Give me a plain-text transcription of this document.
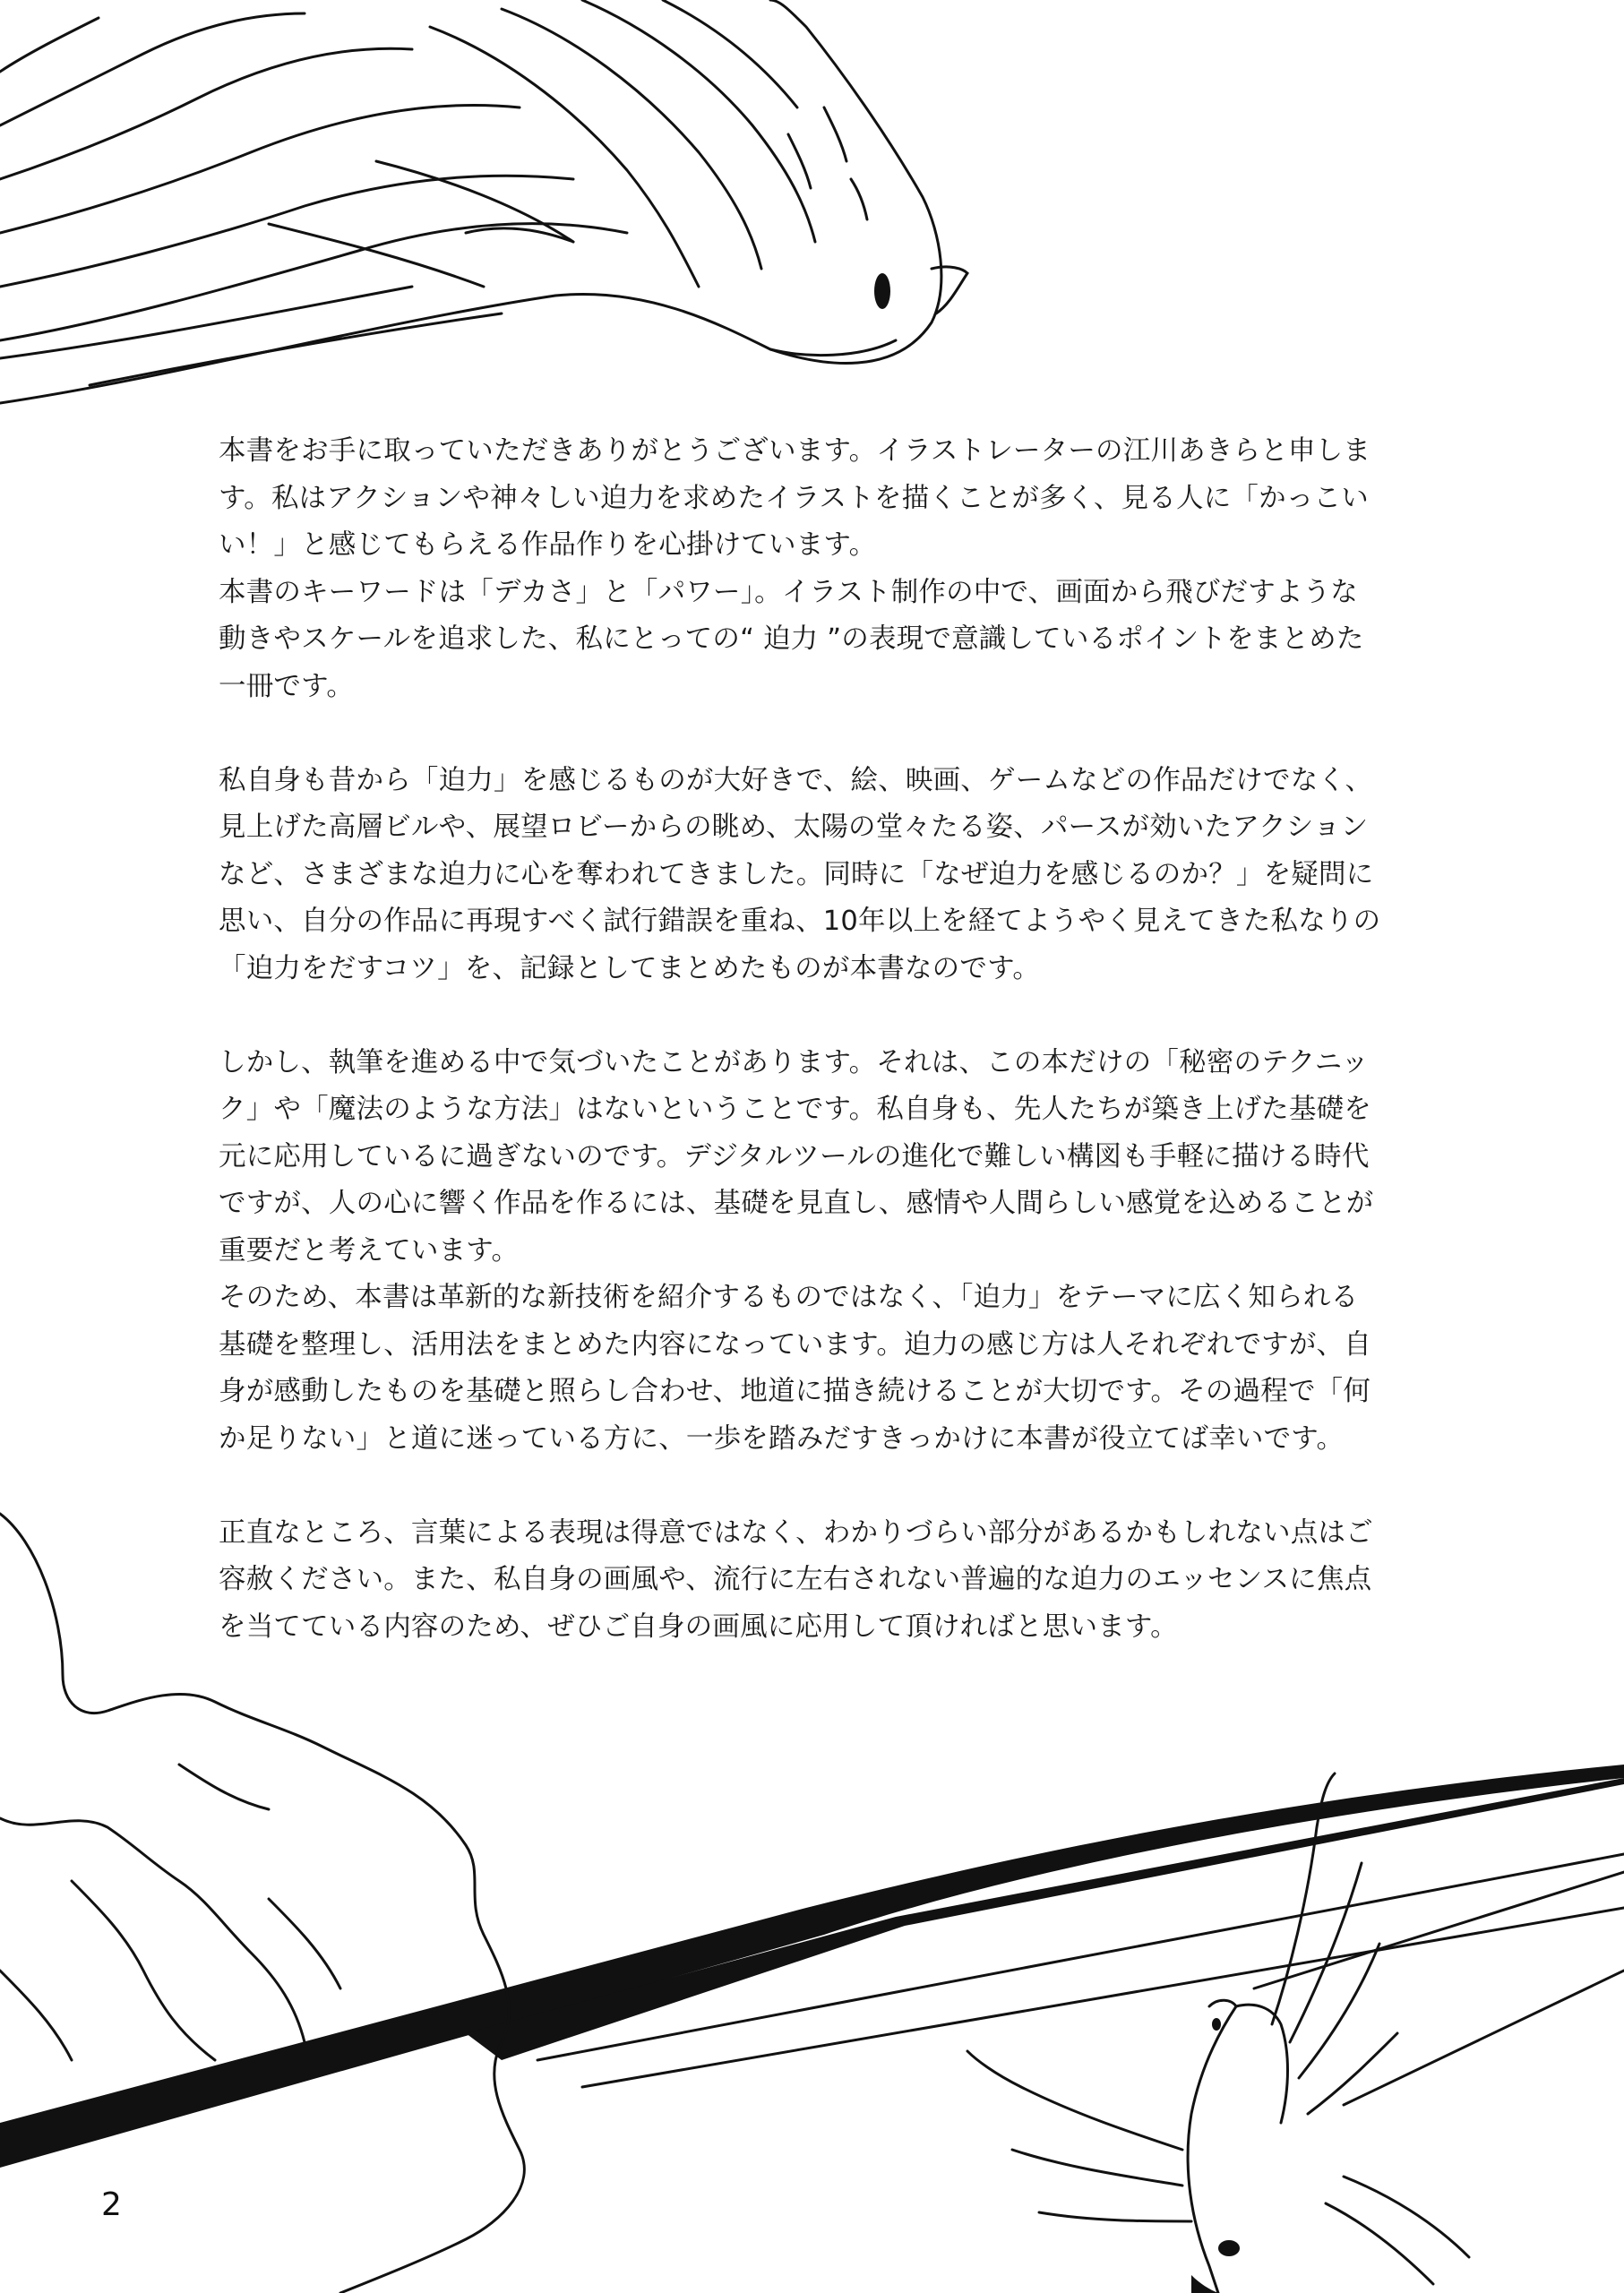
本書をお手に取っていただきありがとうございます。イラストレーターの江川あきらと申します。私はアクションや神々しい迫力を求めたイラストを描くことが多く、見る人に「かっこいい！」と感じてもらえる作品作りを心掛けています。

本書のキーワードは「デカさ」と「パワー」。イラスト制作の中で、画面から飛びだすような動きやスケールを追求した、私にとっての“ 迫力 ”の表現で意識しているポイントをまとめた一冊です。

私自身も昔から「迫力」を感じるものが大好きで、絵、映画、ゲームなどの作品だけでなく、見上げた高層ビルや、展望ロビーからの眺め、太陽の堂々たる姿、パースが効いたアクションなど、さまざまな迫力に心を奪われてきました。同時に「なぜ迫力を感じるのか？」を疑問に思い、自分の作品に再現すべく試行錯誤を重ね、10年以上を経てようやく見えてきた私なりの「迫力をだすコツ」を、記録としてまとめたものが本書なのです。

しかし、執筆を進める中で気づいたことがあります。それは、この本だけの「秘密のテクニック」や「魔法のような方法」はないということです。私自身も、先人たちが築き上げた基礎を元に応用しているに過ぎないのです。デジタルツールの進化で難しい構図も手軽に描ける時代ですが、人の心に響く作品を作るには、基礎を見直し、感情や人間らしい感覚を込めることが重要だと考えています。

そのため、本書は革新的な新技術を紹介するものではなく、「迫力」をテーマに広く知られる基礎を整理し、活用法をまとめた内容になっています。迫力の感じ方は人それぞれですが、自身が感動したものを基礎と照らし合わせ、地道に描き続けることが大切です。その過程で「何か足りない」と道に迷っている方に、一歩を踏みだすきっかけに本書が役立てば幸いです。

正直なところ、言葉による表現は得意ではなく、わかりづらい部分があるかもしれない点はご容赦ください。また、私自身の画風や、流行に左右されない普遍的な迫力のエッセンスに焦点を当てている内容のため、ぜひご自身の画風に応用して頂ければと思います。

2
